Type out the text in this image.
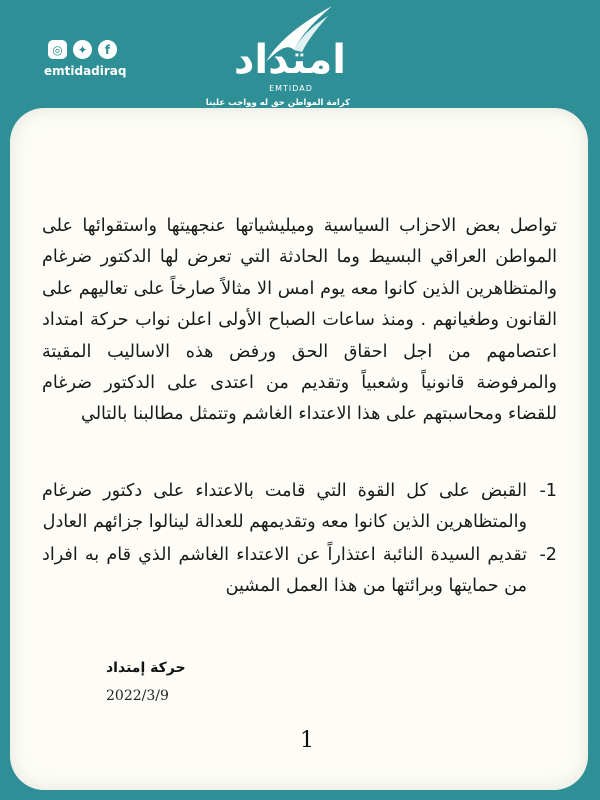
◎	✦	f
emtidadiraq	امتداد
EMTIDAD
كرامة المواطن حق له وواجب علينا

تواصل بعض الاحزاب السياسية وميليشياتها عنجهيتها واستقوائها على المواطن العراقي البسيط وما الحادثة التي تعرض لها الدكتور ضرغام والمتظاهرين الذين كانوا معه يوم امس الا مثالاً صارخاً على تعاليهم على القانون وطغيانهم . ومنذ ساعات الصباح الأولى اعلن نواب حركة امتداد اعتصامهم من اجل احقاق الحق ورفض هذه الاساليب المقيتة والمرفوضة قانونياً وشعبياً وتقديم من اعتدى على الدكتور ضرغام للقضاء ومحاسبتهم على هذا الاعتداء الغاشم وتتمثل مطالبنا بالتالي

-1
القبض على كل القوة التي قامت بالاعتداء على دكتور ضرغام والمتظاهرين الذين كانوا معه وتقديمهم للعدالة لينالوا جزائهم العادل
-2
تقديم السيدة النائبة اعتذاراً عن الاعتداء الغاشم الذي قام به افراد من حمايتها وبرائتها من هذا العمل المشين
حركة إمتداد
2022/3/9
1
